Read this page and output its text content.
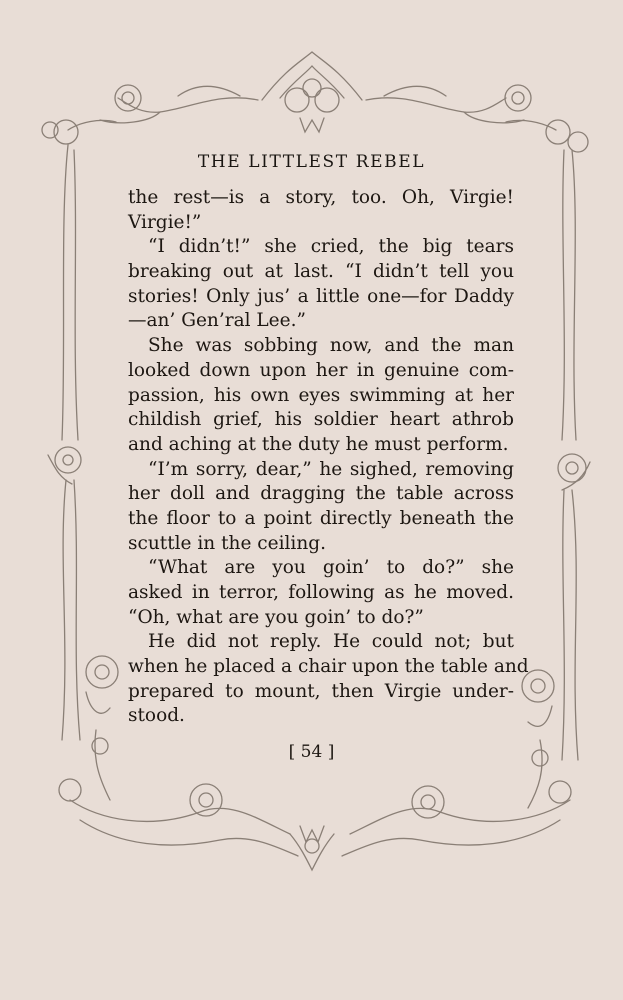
THE LITTLEST REBEL
the rest—is a story, too. Oh, Virgie!
Virgie!”
“I didn’t!” she cried, the big tears
breaking out at last. “I didn’t tell you
stories! Only jus’ a little one—for Daddy
—an’ Gen’ral Lee.”
She was sobbing now, and the man
looked down upon her in genuine com-
passion, his own eyes swimming at her
childish grief, his soldier heart athrob
and aching at the duty he must perform.
“I’m sorry, dear,” he sighed, removing
her doll and dragging the table across
the floor to a point directly beneath the
scuttle in the ceiling.
“What are you goin’ to do?” she
asked in terror, following as he moved.
“Oh, what are you goin’ to do?”
He did not reply. He could not; but
when he placed a chair upon the table and
prepared to mount, then Virgie under-
stood.
[ 54 ]
